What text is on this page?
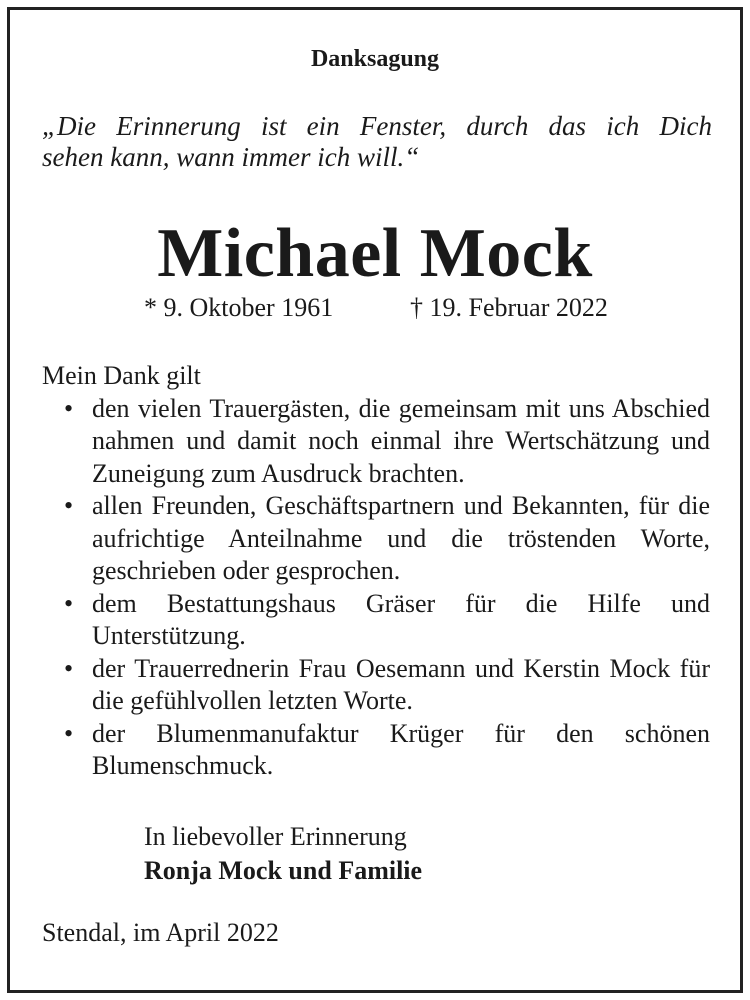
Danksagung
„Die Erinnerung ist ein Fenster, durch das ich Dich
sehen kann, wann immer ich will.“
Michael Mock
* 9. Oktober 1961	† 19. Februar 2022

Mein Dank gilt

• den vielen Trauergästen, die gemeinsam mit uns Abschied nahmen und damit noch einmal ihre Wertschätzung und Zuneigung zum Ausdruck brachten.
• allen Freunden, Geschäftspartnern und Bekannten, für die aufrichtige Anteilnahme und die tröstenden Worte, geschrieben oder gesprochen.
• dem Bestattungshaus Gräser für die Hilfe und Unterstützung.
• der Trauerrednerin Frau Oesemann und Kerstin Mock für die gefühlvollen letzten Worte.
• der Blumenmanufaktur Krüger für den schönen Blumenschmuck.
In liebevoller Erinnerung
Ronja Mock und Familie
Stendal, im April 2022
